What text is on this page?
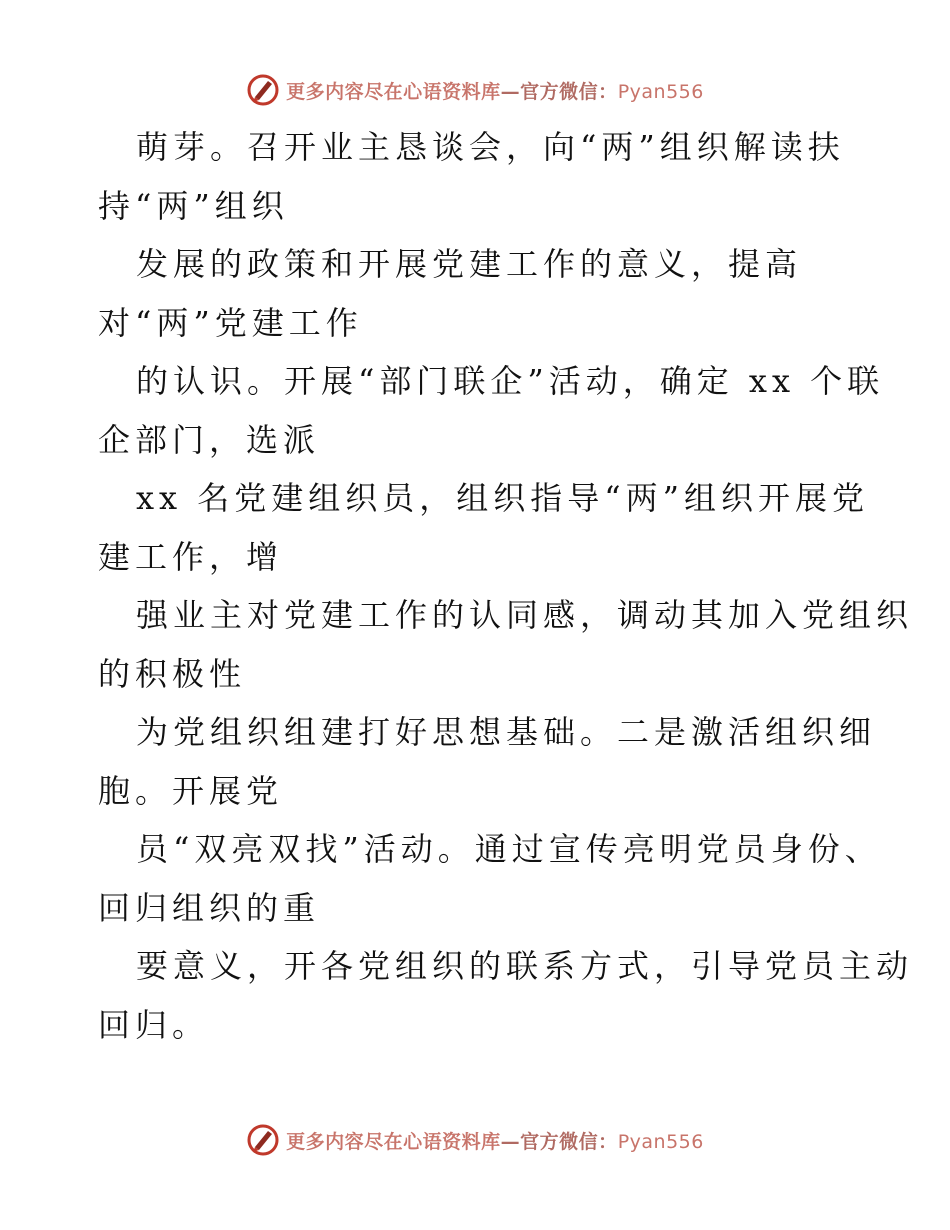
更多内容尽在心语资料库—官方微信：Pyan556
萌芽。召开业主恳谈会，向“两”组织解读扶
持“两”组织
发展的政策和开展党建工作的意义，提高
对“两”党建工作
的认识。开展“部门联企”活动，确定 xx 个联
企部门，选派
xx 名党建组织员，组织指导“两”组织开展党
建工作，增
强业主对党建工作的认同感，调动其加入党组织
的积极性
为党组织组建打好思想基础。二是激活组织细
胞。开展党
员“双亮双找”活动。通过宣传亮明党员身份、
回归组织的重
要意义，开各党组织的联系方式，引导党员主动
回归。
更多内容尽在心语资料库—官方微信：Pyan556
